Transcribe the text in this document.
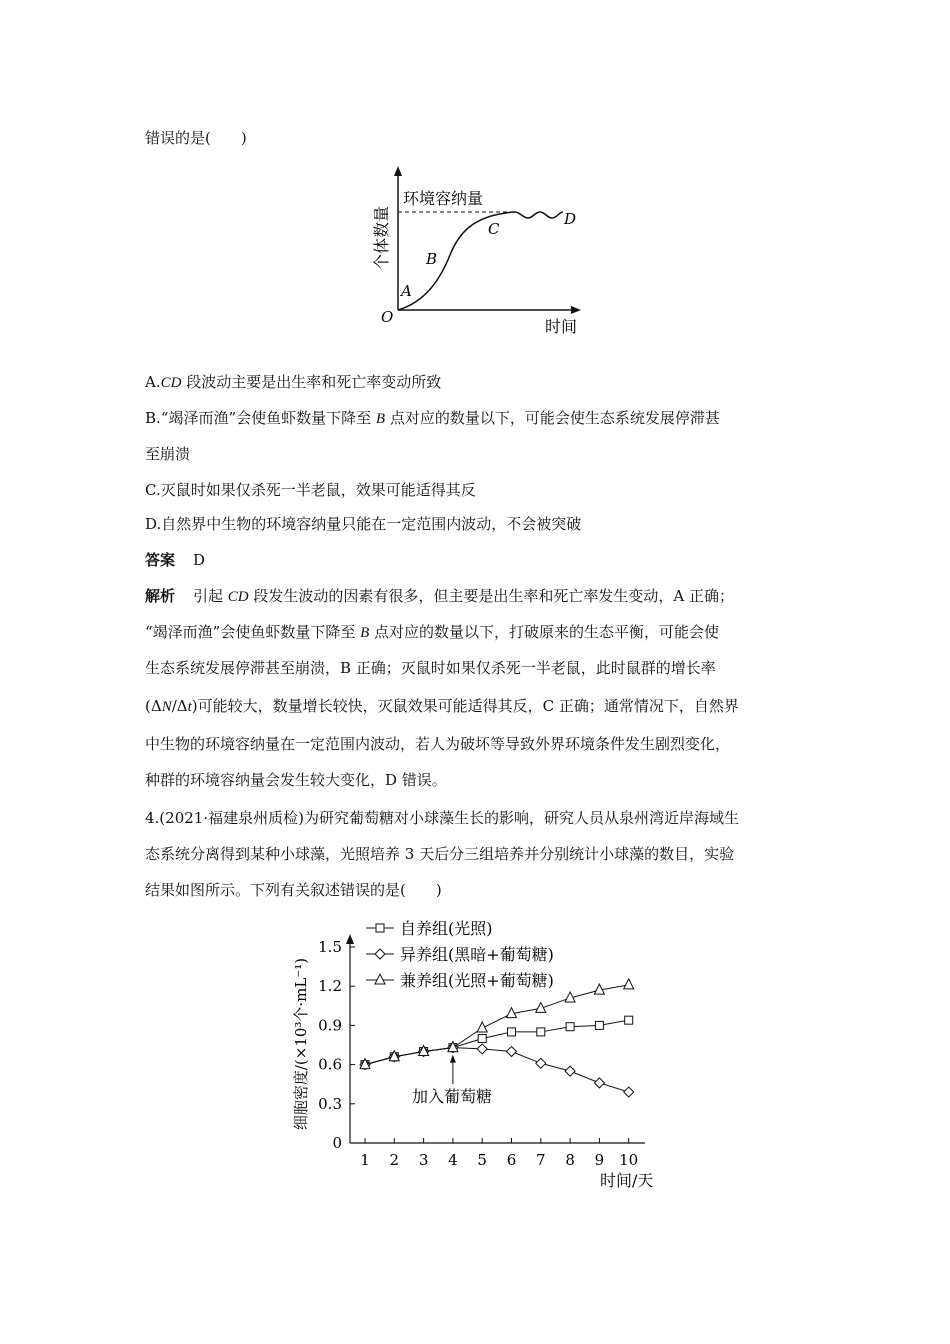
错误的是(　　)
个体数量
环境容纳量
O
A
B
C
D
时间
A.CD 段波动主要是出生率和死亡率变动所致
B.“竭泽而渔”会使鱼虾数量下降至 B 点对应的数量以下，可能会使生态系统发展停滞甚
至崩溃
C.灭鼠时如果仅杀死一半老鼠，效果可能适得其反
D.自然界中生物的环境容纳量只能在一定范围内波动，不会被突破
答案 D
解析 引起 CD 段发生波动的因素有很多，但主要是出生率和死亡率发生变动，A 正确；
“竭泽而渔”会使鱼虾数量下降至 B 点对应的数量以下，打破原来的生态平衡，可能会使
生态系统发展停滞甚至崩溃，B 正确；灭鼠时如果仅杀死一半老鼠，此时鼠群的增长率
(ΔN/Δt)可能较大，数量增长较快，灭鼠效果可能适得其反，C 正确；通常情况下，自然界
中生物的环境容纳量在一定范围内波动，若人为破坏等导致外界环境条件发生剧烈变化，
种群的环境容纳量会发生较大变化，D 错误。
4.(2021·福建泉州质检)为研究葡萄糖对小球藻生长的影响，研究人员从泉州湾近岸海域生
态系统分离得到某种小球藻，光照培养 3 天后分三组培养并分别统计小球藻的数目，实验
结果如图所示。下列有关叙述错误的是(　　)
自养组(光照)
异养组(黑暗+葡萄糖)
兼养组(光照+葡萄糖)
0
0.3
0.6
0.9
1.2
1.5
1 2 3 4 5 6 7 8 9 10
细胞密度/(×10³个·mL⁻¹)
时间/天
加入葡萄糖
